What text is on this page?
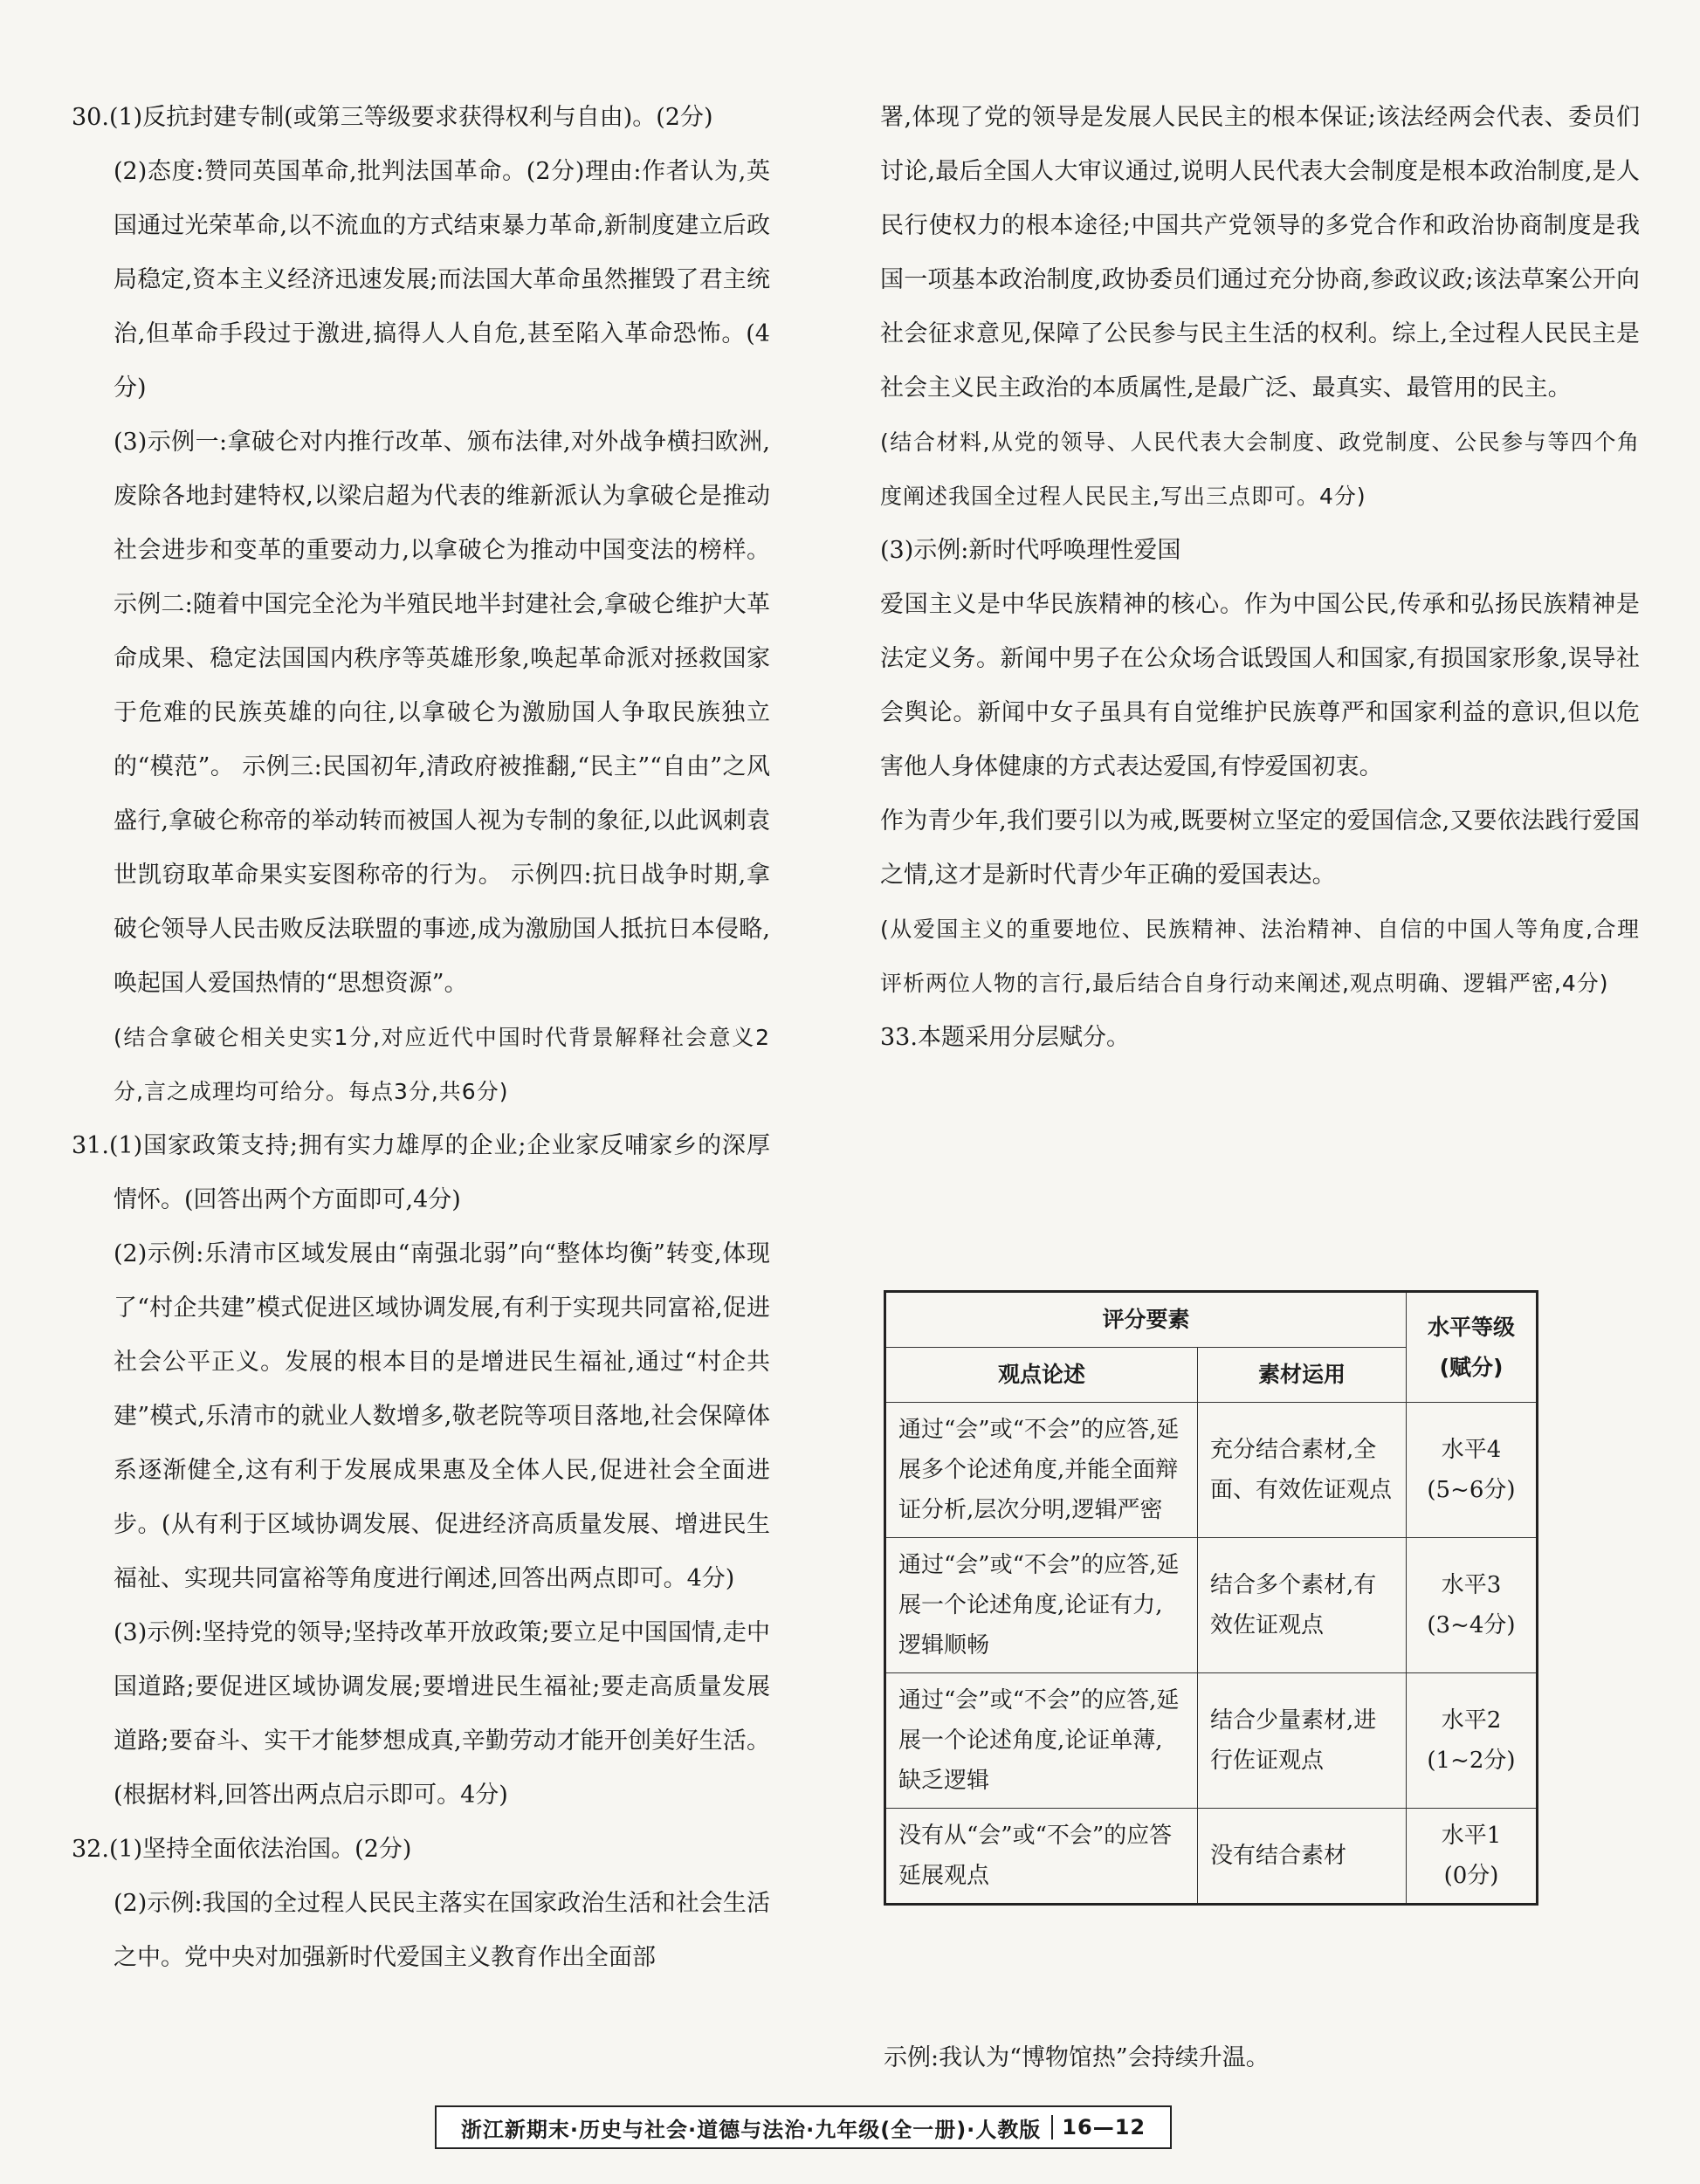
30.(1)反抗封建专制(或第三等级要求获得权利与自由)。(2分)

(2)态度:赞同英国革命,批判法国革命。(2分)理由:作者认为,英国通过光荣革命,以不流血的方式结束暴力革命,新制度建立后政局稳定,资本主义经济迅速发展;而法国大革命虽然摧毁了君主统治,但革命手段过于激进,搞得人人自危,甚至陷入革命恐怖。(4分)

(3)示例一:拿破仑对内推行改革、颁布法律,对外战争横扫欧洲,废除各地封建特权,以梁启超为代表的维新派认为拿破仑是推动社会进步和变革的重要动力,以拿破仑为推动中国变法的榜样。 示例二:随着中国完全沦为半殖民地半封建社会,拿破仑维护大革命成果、稳定法国国内秩序等英雄形象,唤起革命派对拯救国家于危难的民族英雄的向往,以拿破仑为激励国人争取民族独立的“模范”。 示例三:民国初年,清政府被推翻,“民主”“自由”之风盛行,拿破仑称帝的举动转而被国人视为专制的象征,以此讽刺袁世凯窃取革命果实妄图称帝的行为。 示例四:抗日战争时期,拿破仑领导人民击败反法联盟的事迹,成为激励国人抵抗日本侵略,唤起国人爱国热情的“思想资源”。

(结合拿破仑相关史实1分,对应近代中国时代背景解释社会意义2分,言之成理均可给分。每点3分,共6分)

31.(1)国家政策支持;拥有实力雄厚的企业;企业家反哺家乡的深厚情怀。(回答出两个方面即可,4分)

(2)示例:乐清市区域发展由“南强北弱”向“整体均衡”转变,体现了“村企共建”模式促进区域协调发展,有利于实现共同富裕,促进社会公平正义。发展的根本目的是增进民生福祉,通过“村企共建”模式,乐清市的就业人数增多,敬老院等项目落地,社会保障体系逐渐健全,这有利于发展成果惠及全体人民,促进社会全面进步。(从有利于区域协调发展、促进经济高质量发展、增进民生福祉、实现共同富裕等角度进行阐述,回答出两点即可。4分)

(3)示例:坚持党的领导;坚持改革开放政策;要立足中国国情,走中国道路;要促进区域协调发展;要增进民生福祉;要走高质量发展道路;要奋斗、实干才能梦想成真,辛勤劳动才能开创美好生活。(根据材料,回答出两点启示即可。4分)

32.(1)坚持全面依法治国。(2分)

(2)示例:我国的全过程人民民主落实在国家政治生活和社会生活之中。党中央对加强新时代爱国主义教育作出全面部

署,体现了党的领导是发展人民民主的根本保证;该法经两会代表、委员们讨论,最后全国人大审议通过,说明人民代表大会制度是根本政治制度,是人民行使权力的根本途径;中国共产党领导的多党合作和政治协商制度是我国一项基本政治制度,政协委员们通过充分协商,参政议政;该法草案公开向社会征求意见,保障了公民参与民主生活的权利。综上,全过程人民民主是社会主义民主政治的本质属性,是最广泛、最真实、最管用的民主。

(结合材料,从党的领导、人民代表大会制度、政党制度、公民参与等四个角度阐述我国全过程人民民主,写出三点即可。4分)

(3)示例:新时代呼唤理性爱国

爱国主义是中华民族精神的核心。作为中国公民,传承和弘扬民族精神是法定义务。新闻中男子在公众场合诋毁国人和国家,有损国家形象,误导社会舆论。新闻中女子虽具有自觉维护民族尊严和国家利益的意识,但以危害他人身体健康的方式表达爱国,有悖爱国初衷。

作为青少年,我们要引以为戒,既要树立坚定的爱国信念,又要依法践行爱国之情,这才是新时代青少年正确的爱国表达。

(从爱国主义的重要地位、民族精神、法治精神、自信的中国人等角度,合理评析两位人物的言行,最后结合自身行动来阐述,观点明确、逻辑严密,4分)

33.本题采用分层赋分。

评分要素		水平等级(赋分)
观点论述	素材运用	
通过“会”或“不会”的应答,延展多个论述角度,并能全面辩证分析,层次分明,逻辑严密	充分结合素材,全面、有效佐证观点	水平4
(5~6分)
通过“会”或“不会”的应答,延展一个论述角度,论证有力,逻辑顺畅	结合多个素材,有效佐证观点	水平3
(3~4分)
通过“会”或“不会”的应答,延展一个论述角度,论证单薄,缺乏逻辑	结合少量素材,进行佐证观点	水平2
(1~2分)
没有从“会”或“不会”的应答延展观点	没有结合素材	水平1
(0分)

示例:我认为“博物馆热”会持续升温。

浙江新期末·历史与社会·道德与法治·九年级(全一册)·人教版	16—12
